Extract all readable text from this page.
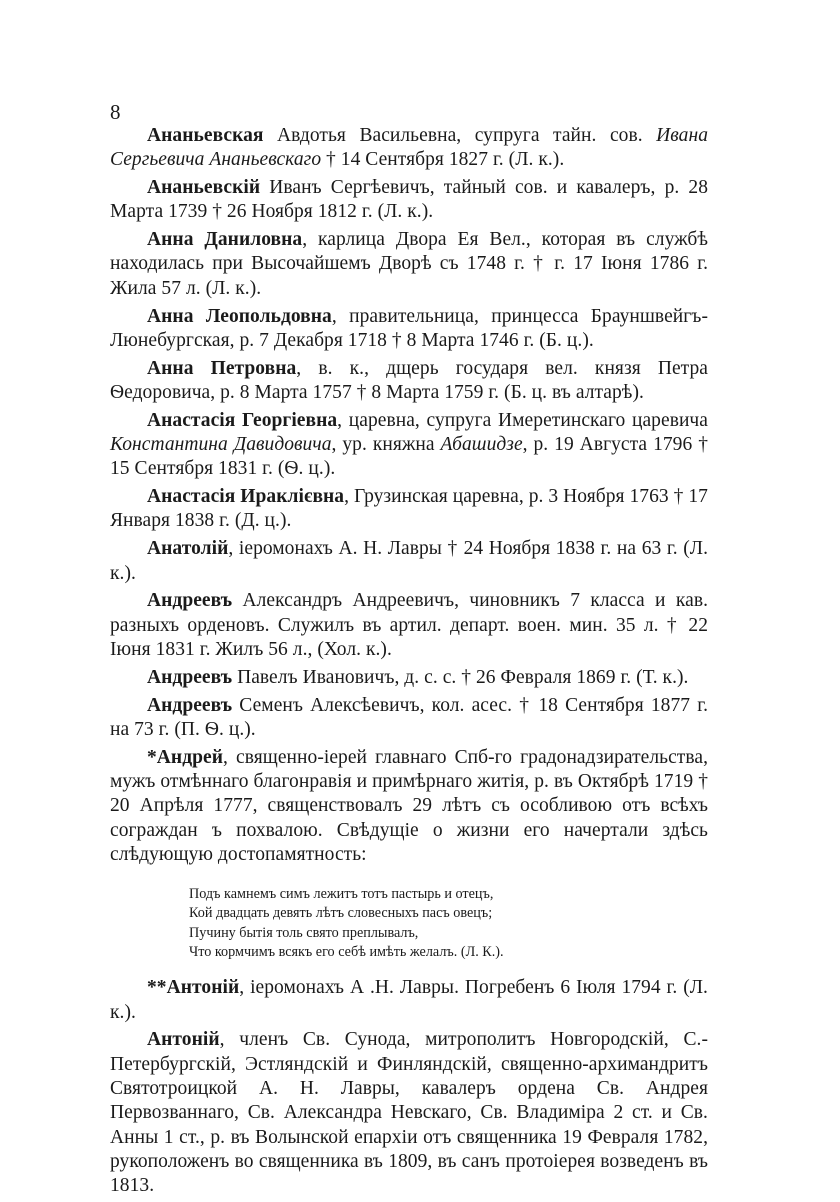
8

Ананьевская Авдотья Васильевна, супруга тайн. сов. Ивана Сергьевича Ананьевскаго † 14 Сентября 1827 г. (Л. к.).

Ананьевскій Иванъ Сергѣевичъ, тайный сов. и кавалеръ, р. 28 Марта 1739 † 26 Ноября 1812 г. (Л. к.).

Анна Даниловна, карлица Двора Ея Вел., которая въ службѣ находилась при Высочайшемъ Дворѣ съ 1748 г. † г. 17 Іюня 1786 г. Жила 57 л. (Л. к.).

Анна Леопольдовна, правительница, принцесса Брауншвейгъ-Люнебургская, р. 7 Декабря 1718 † 8 Марта 1746 г. (Б. ц.).

Анна Петровна, в. к., дщерь государя вел. князя Петра Ѳедоровича, р. 8 Марта 1757 † 8 Марта 1759 г. (Б. ц. въ алтарѣ).

Анастасія Георгіевна, царевна, супруга Имеретинскаго царевича Константина Давидовича, ур. княжна Абашидзе, р. 19 Августа 1796 † 15 Сентября 1831 г. (Ѳ. ц.).

Анастасія Ираклієвна, Грузинская царевна, р. 3 Ноября 1763 † 17 Января 1838 г. (Д. ц.).

Анатолій, іеромонахъ А. Н. Лавры † 24 Ноября 1838 г. на 63 г. (Л. к.).

Андреевъ Александръ Андреевичъ, чиновникъ 7 класса и кав. разныхъ орденовъ. Служилъ въ артил. департ. воен. мин. 35 л. † 22 Іюня 1831 г. Жилъ 56 л., (Хол. к.).

Андреевъ Павелъ Ивановичъ, д. с. с. † 26 Февраля 1869 г. (Т. к.).

Андреевъ Семенъ Алексѣевичъ, кол. асес. † 18 Сентября 1877 г. на 73 г. (П. Ѳ. ц.).

*Андрей, священно-іерей главнаго Спб-го градонадзирательства, мужъ отмѣннаго благонравія и примѣрнаго житія, р. въ Октябрѣ 1719 † 20 Апрѣля 1777, священствовалъ 29 лѣтъ съ особливою отъ всѣхъ сограждан ъ похвалою. Свѣдущіе о жизни его начертали здѣсь слѣдующую достопамятность:

Подъ камнемъ симъ лежитъ тотъ пастырь и отецъ,
Кой двадцать девять лѣтъ словесныхъ пасъ овецъ;
Пучину бытія толь свято преплывалъ,
Что кормчимъ всякъ его себѣ имѣть желалъ. (Л. К.).

**Антоній, іеромонахъ А .Н. Лавры. Погребенъ 6 Іюля 1794 г. (Л. к.).

Антоній, членъ Св. Сунода, митрополитъ Новгородскій, С.-Петербургскій, Эстляндскій и Финляндскій, священно-архимандритъ Святотроицкой А. Н. Лавры, кавалеръ ордена Св. Андрея Первозваннаго, Св. Александра Невскаго, Св. Владиміра 2 ст. и Св. Анны 1 ст., р. въ Волынской епархіи отъ священника 19 Февраля 1782, рукоположенъ во священника въ 1809, въ санъ протоіерея возведенъ въ 1813.
